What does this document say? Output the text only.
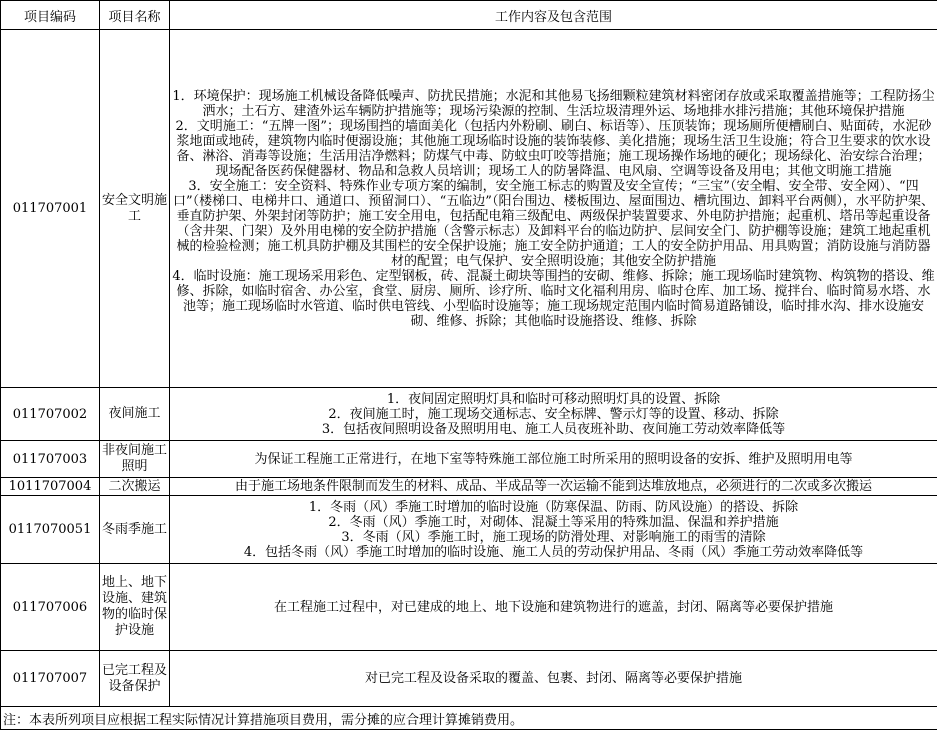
项目编码	项目名称	工作内容及包含范围
011707001	安全文明施工	1．环境保护：现场施工机械设备降低噪声、防扰民措施；水泥和其他易飞扬细颗粒建筑材料密闭存放或采取覆盖措施等；工程防扬尘洒水；土石方、建渣外运车辆防护措施等；现场污染源的控制、生活垃圾清理外运、场地排水排污措施；其他环境保护措施
2．文明施工：“五牌一图”；现场围挡的墙面美化（包括内外粉刷、刷白、标语等）、压顶装饰；现场厕所便槽刷白、贴面砖，水泥砂浆地面或地砖，建筑物内临时便溺设施；其他施工现场临时设施的装饰装修、美化措施；现场生活卫生设施；符合卫生要求的饮水设备、淋浴、消毒等设施；生活用洁净燃料；防煤气中毒、防蚊虫叮咬等措施；施工现场操作场地的硬化；现场绿化、治安综合治理；现场配备医药保健器材、物品和急救人员培训；现场工人的防暑降温、电风扇、空调等设备及用电；其他文明施工措施
3．安全施工：安全资料、特殊作业专项方案的编制，安全施工标志的购置及安全宣传；“三宝”（安全帽、安全带、安全网）、“四口”（楼梯口、电梯井口、通道口、预留洞口）、“五临边”（阳台围边、楼板围边、屋面围边、槽坑围边、卸料平台两侧），水平防护架、垂直防护架、外架封闭等防护；施工安全用电，包括配电箱三级配电、两级保护装置要求、外电防护措施；起重机、塔吊等起重设备（含井架、门架）及外用电梯的安全防护措施（含警示标志）及卸料平台的临边防护、层间安全门、防护棚等设施；建筑工地起重机械的检验检测；施工机具防护棚及其围栏的安全保护设施；施工安全防护通道；工人的安全防护用品、用具购置；消防设施与消防器材的配置；电气保护、安全照明设施；其他安全防护措施
4．临时设施：施工现场采用彩色、定型钢板，砖、混凝土砌块等围挡的安砌、维修、拆除；施工现场临时建筑物、构筑物的搭设、维修、拆除，如临时宿舍、办公室，食堂、厨房、厕所、诊疗所、临时文化福利用房、临时仓库、加工场、搅拌台、临时简易水塔、水池等；施工现场临时水管道、临时供电管线、小型临时设施等；施工现场规定范围内临时简易道路铺设，临时排水沟、排水设施安砌、维修、拆除；其他临时设施搭设、维修、拆除

011707002	夜间施工	1．夜间固定照明灯具和临时可移动照明灯具的设置、拆除
2．夜间施工时，施工现场交通标志、安全标牌、警示灯等的设置、移动、拆除
3．包括夜间照明设备及照明用电、施工人员夜班补助、夜间施工劳动效率降低等

011707003	非夜间施工照明	为保证工程施工正常进行，在地下室等特殊施工部位施工时所采用的照明设备的安拆、维护及照明用电等

1011707004	二次搬运	由于施工场地条件限制而发生的材料、成品、半成品等一次运输不能到达堆放地点，必须进行的二次或多次搬运

0117070051	冬雨季施工	1．冬雨（风）季施工时增加的临时设施（防寒保温、防雨、防风设施）的搭设、拆除
2．冬雨（风）季施工时，对砌体、混凝土等采用的特殊加温、保温和养护措施
3．冬雨（风）季施工时，施工现场的防滑处理、对影响施工的雨雪的清除
4．包括冬雨（风）季施工时增加的临时设施、施工人员的劳动保护用品、冬雨（风）季施工劳动效率降低等

011707006	地上、地下设施、建筑物的临时保护设施	在工程施工过程中，对已建成的地上、地下设施和建筑物进行的遮盖，封闭、隔离等必要保护措施

011707007	已完工程及设备保护	对已完工程及设备采取的覆盖、包裹、封闭、隔离等必要保护措施

注：本表所列项目应根据工程实际情况计算措施项目费用，需分摊的应合理计算摊销费用。		
